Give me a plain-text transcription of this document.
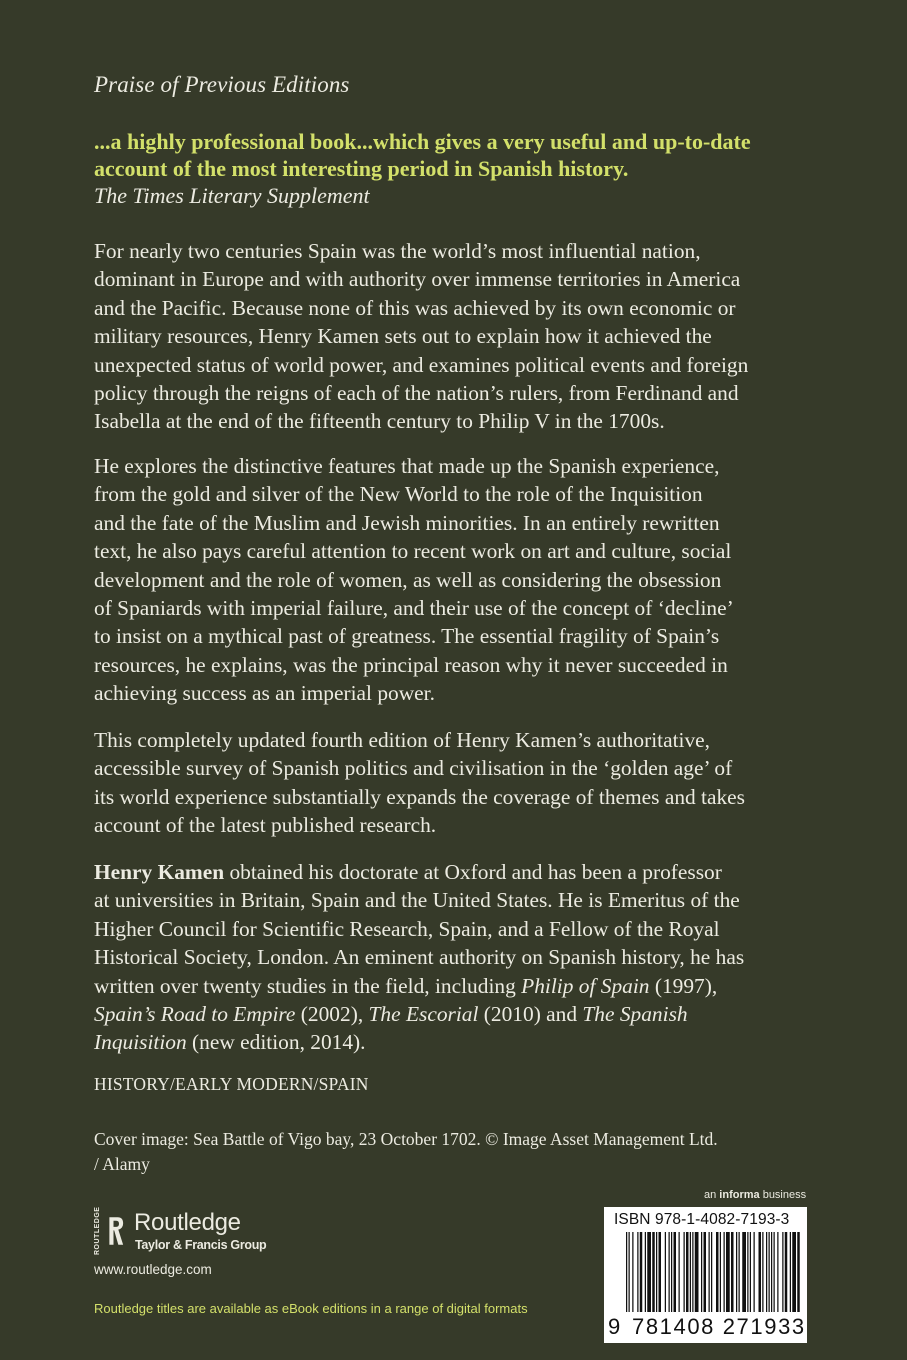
Praise of Previous Editions
...a highly professional book...which gives a very useful and up-to-date
account of the most interesting period in Spanish history.
The Times Literary Supplement
For nearly two centuries Spain was the world’s most influential nation,
dominant in Europe and with authority over immense territories in America
and the Pacific. Because none of this was achieved by its own economic or
military resources, Henry Kamen sets out to explain how it achieved the
unexpected status of world power, and examines political events and foreign
policy through the reigns of each of the nation’s rulers, from Ferdinand and
Isabella at the end of the fifteenth century to Philip V in the 1700s.
He explores the distinctive features that made up the Spanish experience,
from the gold and silver of the New World to the role of the Inquisition
and the fate of the Muslim and Jewish minorities. In an entirely rewritten
text, he also pays careful attention to recent work on art and culture, social
development and the role of women, as well as considering the obsession
of Spaniards with imperial failure, and their use of the concept of ‘decline’
to insist on a mythical past of greatness. The essential fragility of Spain’s
resources, he explains, was the principal reason why it never succeeded in
achieving success as an imperial power.
This completely updated fourth edition of Henry Kamen’s authoritative,
accessible survey of Spanish politics and civilisation in the ‘golden age’ of
its world experience substantially expands the coverage of themes and takes
account of the latest published research.
Henry Kamen obtained his doctorate at Oxford and has been a professor
at universities in Britain, Spain and the United States. He is Emeritus of the
Higher Council for Scientific Research, Spain, and a Fellow of the Royal
Historical Society, London. An eminent authority on Spanish history, he has
written over twenty studies in the field, including Philip of Spain (1997),
Spain’s Road to Empire (2002), The Escorial (2010) and The Spanish
Inquisition (new edition, 2014).
HISTORY/EARLY MODERN/SPAIN
Cover image: Sea Battle of Vigo bay, 23 October 1702. © Image Asset Management Ltd.
/ Alamy
ROUTLEDGE Routledge
Taylor & Francis Group
www.routledge.com
Routledge titles are available as eBook editions in a range of digital formats
an informa business
ISBN 978-1-4082-7193-3
9 781408 271933
